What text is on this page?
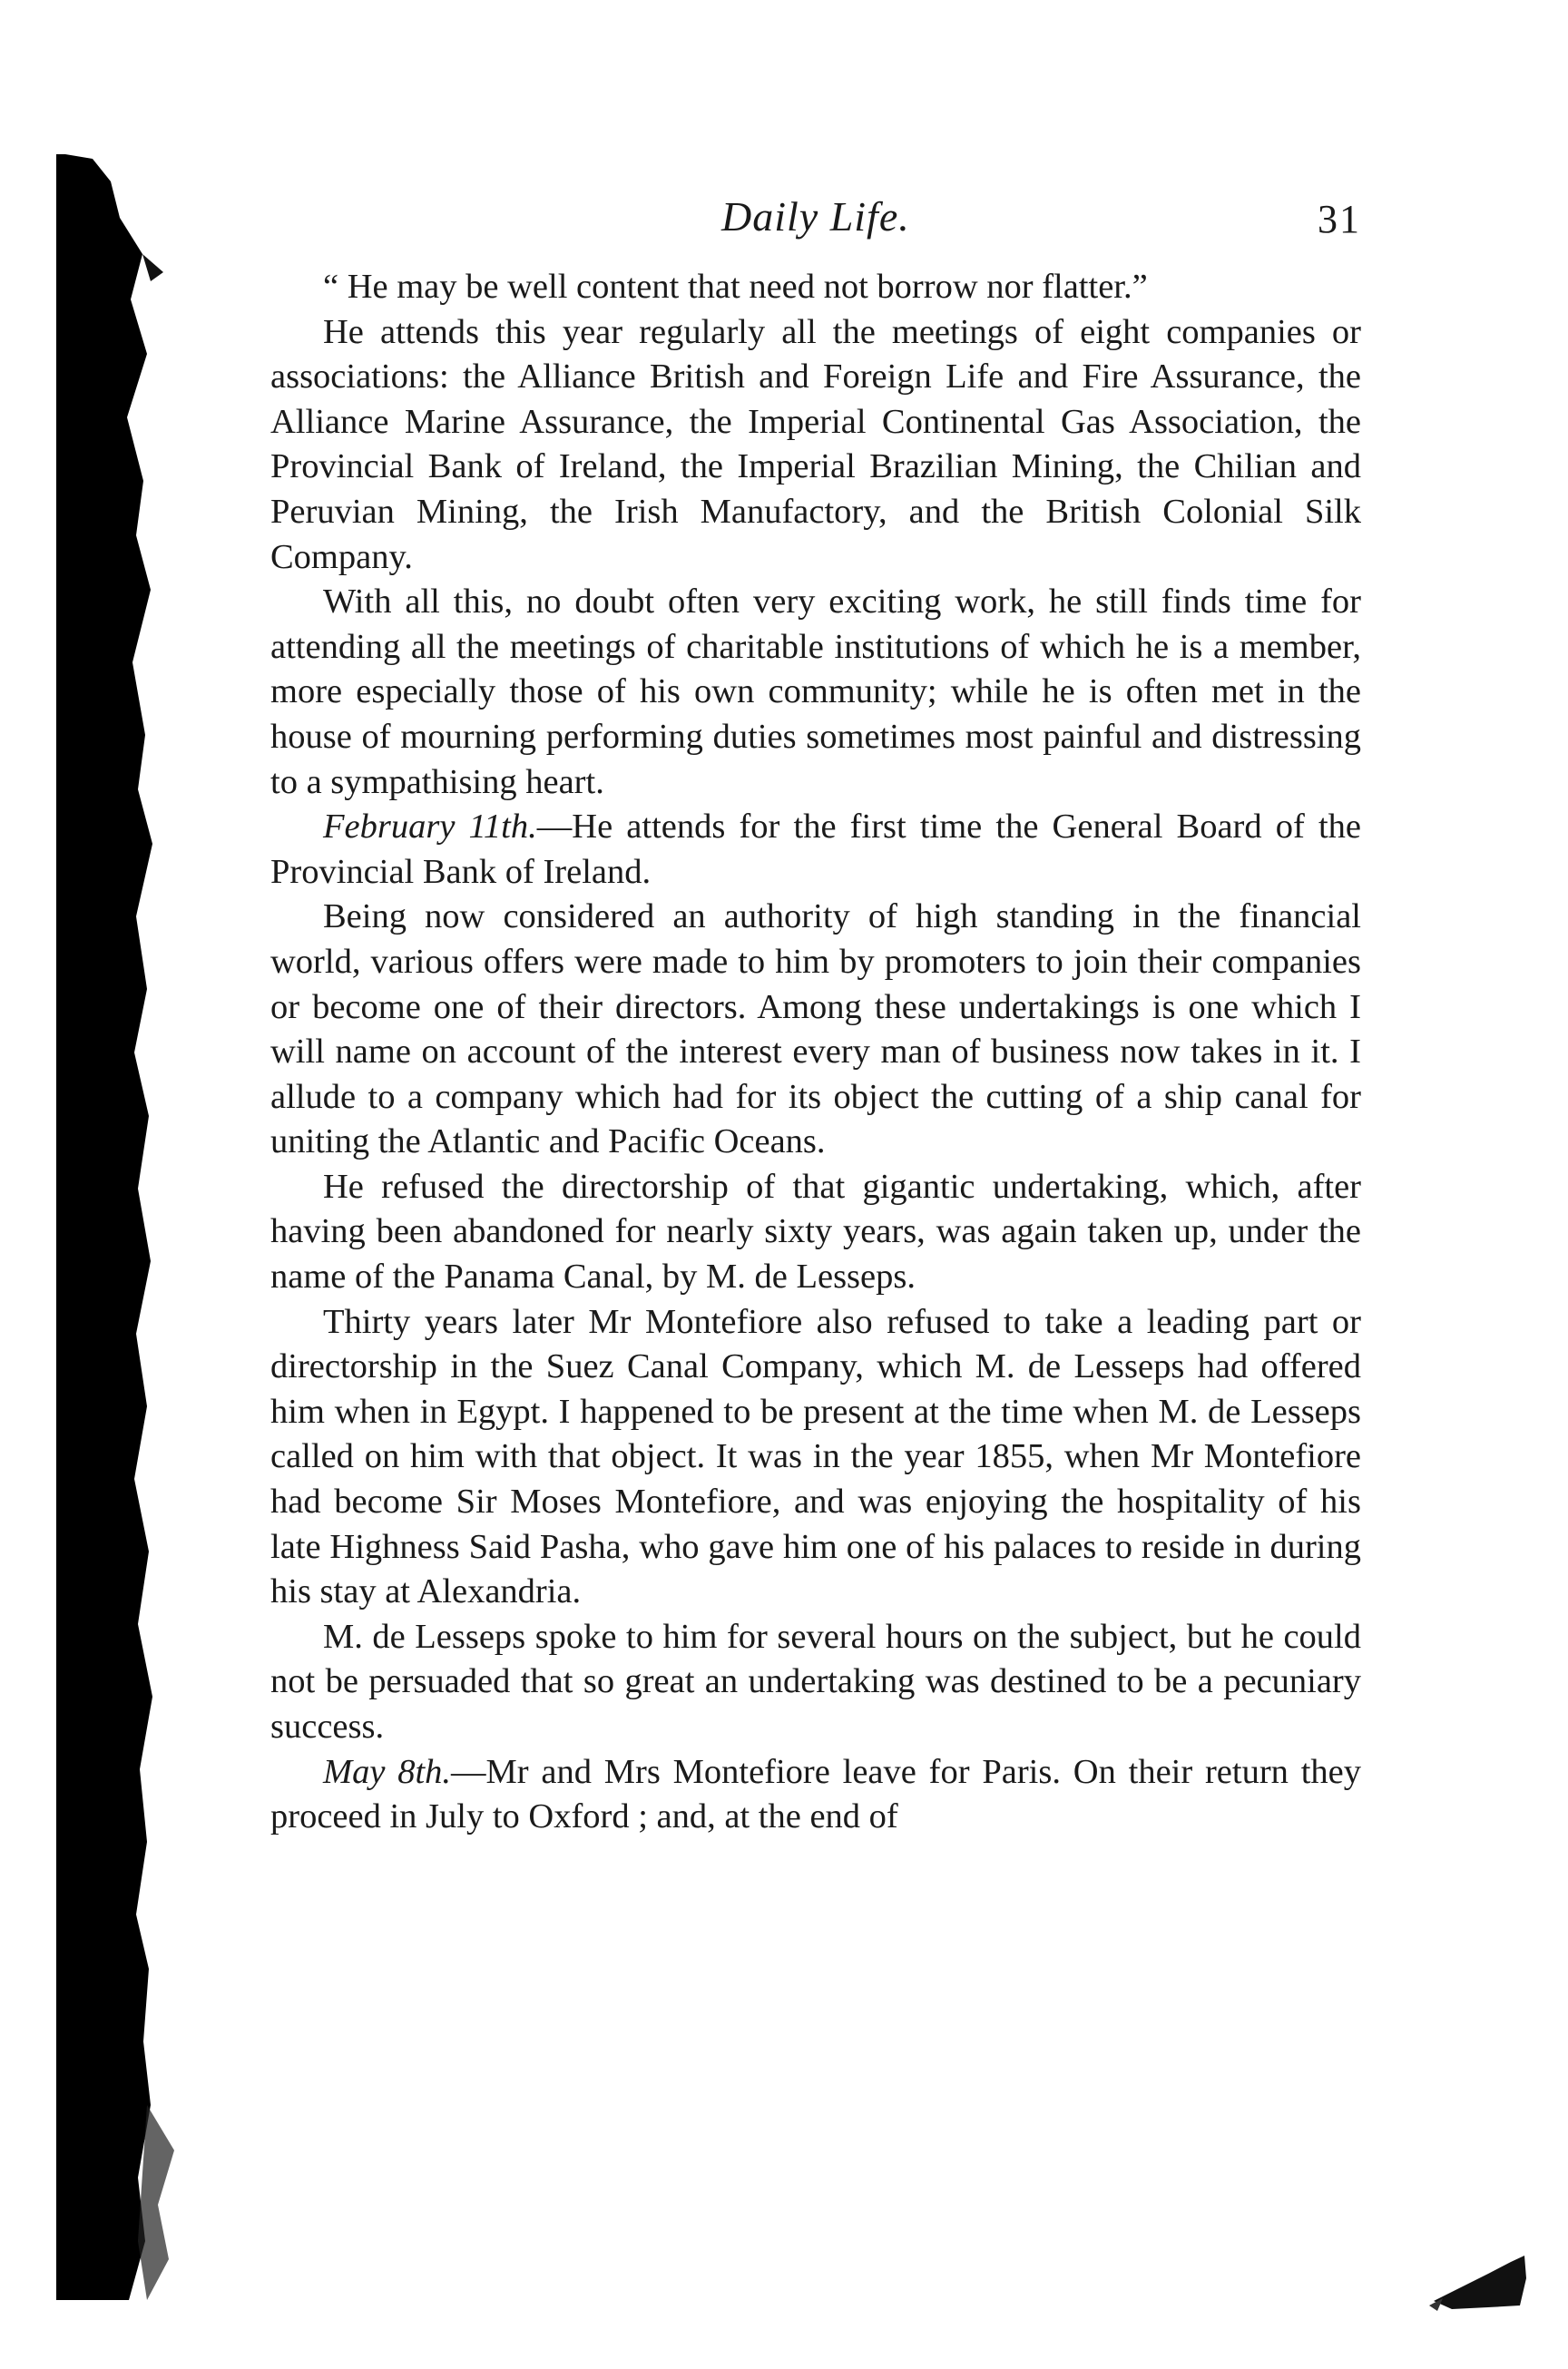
Daily Life.	31

“ He may be well content that need not borrow nor flatter.”

He attends this year regularly all the meetings of eight companies or associations: the Alliance British and Foreign Life and Fire Assurance, the Alliance Marine Assurance, the Imperial Continental Gas Association, the Provincial Bank of Ireland, the Imperial Brazilian Mining, the Chilian and Peruvian Mining, the Irish Manufactory, and the British Colonial Silk Company.

With all this, no doubt often very exciting work, he still finds time for attending all the meetings of charitable institutions of which he is a member, more especially those of his own community; while he is often met in the house of mourning performing duties sometimes most painful and distressing to a sympathising heart.

February 11th.—He attends for the first time the General Board of the Provincial Bank of Ireland.

Being now considered an authority of high standing in the financial world, various offers were made to him by promoters to join their companies or become one of their directors. Among these undertakings is one which I will name on account of the interest every man of business now takes in it. I allude to a company which had for its object the cutting of a ship canal for uniting the Atlantic and Pacific Oceans.

He refused the directorship of that gigantic undertaking, which, after having been abandoned for nearly sixty years, was again taken up, under the name of the Panama Canal, by M. de Lesseps.

Thirty years later Mr Montefiore also refused to take a leading part or directorship in the Suez Canal Company, which M. de Lesseps had offered him when in Egypt. I happened to be present at the time when M. de Lesseps called on him with that object. It was in the year 1855, when Mr Montefiore had become Sir Moses Montefiore, and was enjoying the hospitality of his late Highness Said Pasha, who gave him one of his palaces to reside in during his stay at Alexandria.

M. de Lesseps spoke to him for several hours on the subject, but he could not be persuaded that so great an undertaking was destined to be a pecuniary success.

May 8th.—Mr and Mrs Montefiore leave for Paris. On their return they proceed in July to Oxford ; and, at the end of
